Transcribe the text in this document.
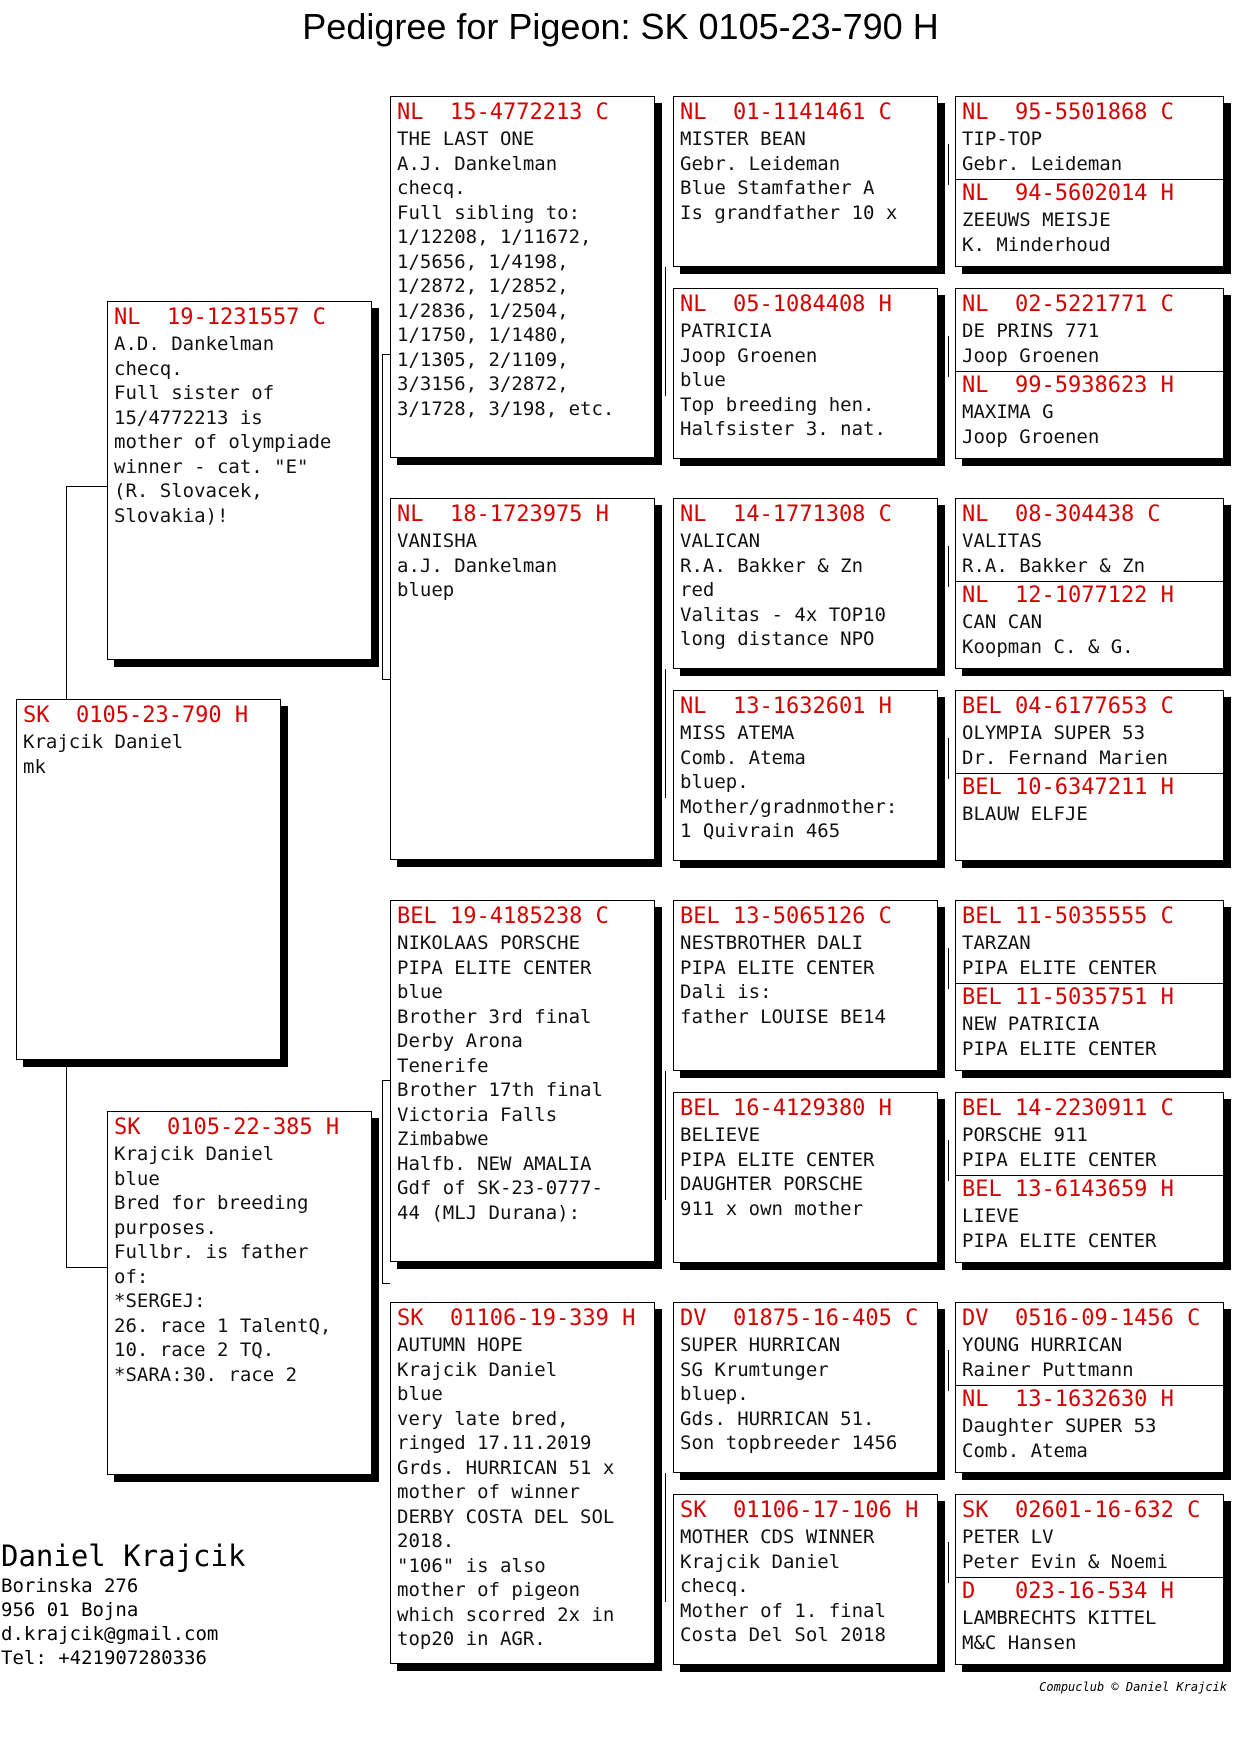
Pedigree for Pigeon: SK 0105-23-790 H
SK  0105-23-790 H
Krajcik Daniel
mk
NL  19-1231557 C
A.D. Dankelman
checq.
Full sister of
15/4772213 is
mother of olympiade
winner - cat. "E"
(R. Slovacek,
Slovakia)!
SK  0105-22-385 H
Krajcik Daniel
blue
Bred for breeding
purposes.
Fullbr. is father
of:
*SERGEJ:
26. race 1 TalentQ,
10. race 2 TQ.
*SARA:30. race 2
NL  15-4772213 C
THE LAST ONE
A.J. Dankelman
checq.
Full sibling to:
1/12208, 1/11672,
1/5656, 1/4198,
1/2872, 1/2852,
1/2836, 1/2504,
1/1750, 1/1480,
1/1305, 2/1109,
3/3156, 3/2872,
3/1728, 3/198, etc.
NL  18-1723975 H
VANISHA
a.J. Dankelman
bluep
BEL 19-4185238 C
NIKOLAAS PORSCHE
PIPA ELITE CENTER
blue
Brother 3rd final
Derby Arona
Tenerife
Brother 17th final
Victoria Falls
Zimbabwe
Halfb. NEW AMALIA
Gdf of SK-23-0777-
44 (MLJ Durana):
SK  01106-19-339 H
AUTUMN HOPE
Krajcik Daniel
blue
very late bred,
ringed 17.11.2019
Grds. HURRICAN 51 x
mother of winner
DERBY COSTA DEL SOL
2018.
"106" is also
mother of pigeon
which scorred 2x in
top20 in AGR.
NL  01-1141461 C
MISTER BEAN
Gebr. Leideman
Blue Stamfather A
Is grandfather 10 x
NL  05-1084408 H
PATRICIA
Joop Groenen
blue
Top breeding hen.
Halfsister 3. nat.
NL  14-1771308 C
VALICAN
R.A. Bakker & Zn
red
Valitas - 4x TOP10
long distance NPO
NL  13-1632601 H
MISS ATEMA
Comb. Atema
bluep.
Mother/gradnmother:
1 Quivrain 465
BEL 13-5065126 C
NESTBROTHER DALI
PIPA ELITE CENTER
Dali is:
father LOUISE BE14
BEL 16-4129380 H
BELIEVE
PIPA ELITE CENTER
DAUGHTER PORSCHE
911 x own mother
DV  01875-16-405 C
SUPER HURRICAN
SG Krumtunger
bluep.
Gds. HURRICAN 51.
Son topbreeder 1456
SK  01106-17-106 H
MOTHER CDS WINNER
Krajcik Daniel
checq.
Mother of 1. final
Costa Del Sol 2018
NL  95-5501868 C
TIP-TOP
Gebr. Leideman
NL  94-5602014 H
ZEEUWS MEISJE
K. Minderhoud
NL  02-5221771 C
DE PRINS 771
Joop Groenen
NL  99-5938623 H
MAXIMA G
Joop Groenen
NL  08-304438 C
VALITAS
R.A. Bakker & Zn
NL  12-1077122 H
CAN CAN
Koopman C. & G.
BEL 04-6177653 C
OLYMPIA SUPER 53
Dr. Fernand Marien
BEL 10-6347211 H
BLAUW ELFJE
BEL 11-5035555 C
TARZAN
PIPA ELITE CENTER
BEL 11-5035751 H
NEW PATRICIA
PIPA ELITE CENTER
BEL 14-2230911 C
PORSCHE 911
PIPA ELITE CENTER
BEL 13-6143659 H
LIEVE
PIPA ELITE CENTER
DV  0516-09-1456 C
YOUNG HURRICAN
Rainer Puttmann
NL  13-1632630 H
Daughter SUPER 53
Comb. Atema
SK  02601-16-632 C
PETER LV
Peter Evin & Noemi
D   023-16-534 H
LAMBRECHTS KITTEL
M&C Hansen
Daniel Krajcik
Borinska 276
956 01 Bojna
d.krajcik@gmail.com
Tel: +421907280336
Compuclub © Daniel Krajcik
